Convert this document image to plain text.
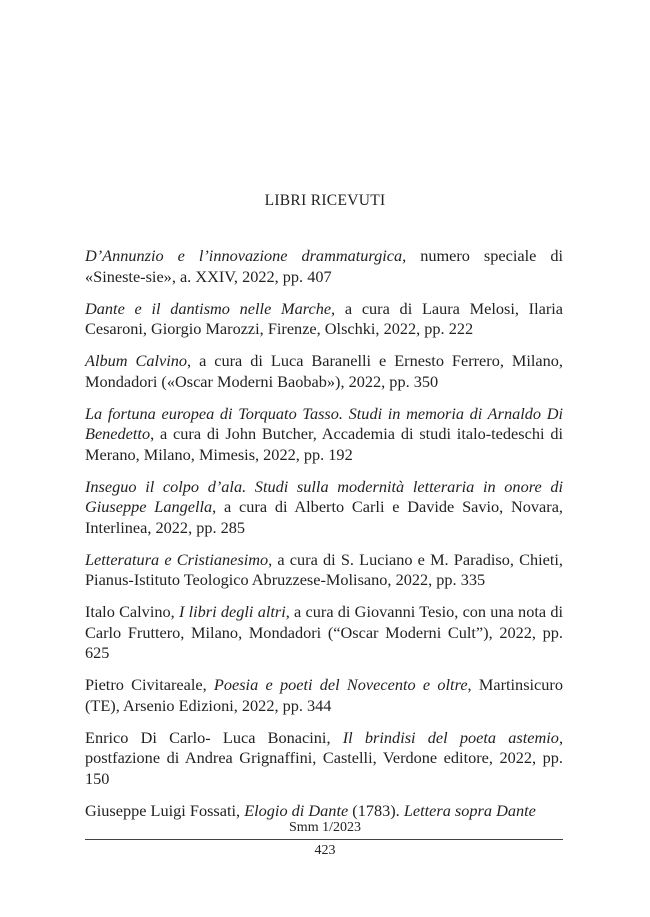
LIBRI RICEVUTI

D’Annunzio e l’innovazione drammaturgica, numero speciale di «Sineste-sie», a. XXIV, 2022, pp. 407

Dante e il dantismo nelle Marche, a cura di Laura Melosi, Ilaria Cesaroni, Giorgio Marozzi, Firenze, Olschki, 2022, pp. 222

Album Calvino, a cura di Luca Baranelli e Ernesto Ferrero, Milano, Mondadori («Oscar Moderni Baobab»), 2022, pp. 350

La fortuna europea di Torquato Tasso. Studi in memoria di Arnaldo Di Benedetto, a cura di John Butcher, Accademia di studi italo-tedeschi di Merano, Milano, Mimesis, 2022, pp. 192

Inseguo il colpo d’ala. Studi sulla modernità letteraria in onore di Giuseppe Langella, a cura di Alberto Carli e Davide Savio, Novara, Interlinea, 2022, pp. 285

Letteratura e Cristianesimo, a cura di S. Luciano e M. Paradiso, Chieti, Pianus-Istituto Teologico Abruzzese-Molisano, 2022, pp. 335

Italo Calvino, I libri degli altri, a cura di Giovanni Tesio, con una nota di Carlo Fruttero, Milano, Mondadori (“Oscar Moderni Cult”), 2022, pp. 625

Pietro Civitareale, Poesia e poeti del Novecento e oltre, Martinsicuro (TE), Arsenio Edizioni, 2022, pp. 344

Enrico Di Carlo- Luca Bonacini, Il brindisi del poeta astemio, postfazione di Andrea Grignaffini, Castelli, Verdone editore, 2022, pp. 150

Giuseppe Luigi Fossati, Elogio di Dante (1783). Lettera sopra Dante

Smm 1/2023
423
